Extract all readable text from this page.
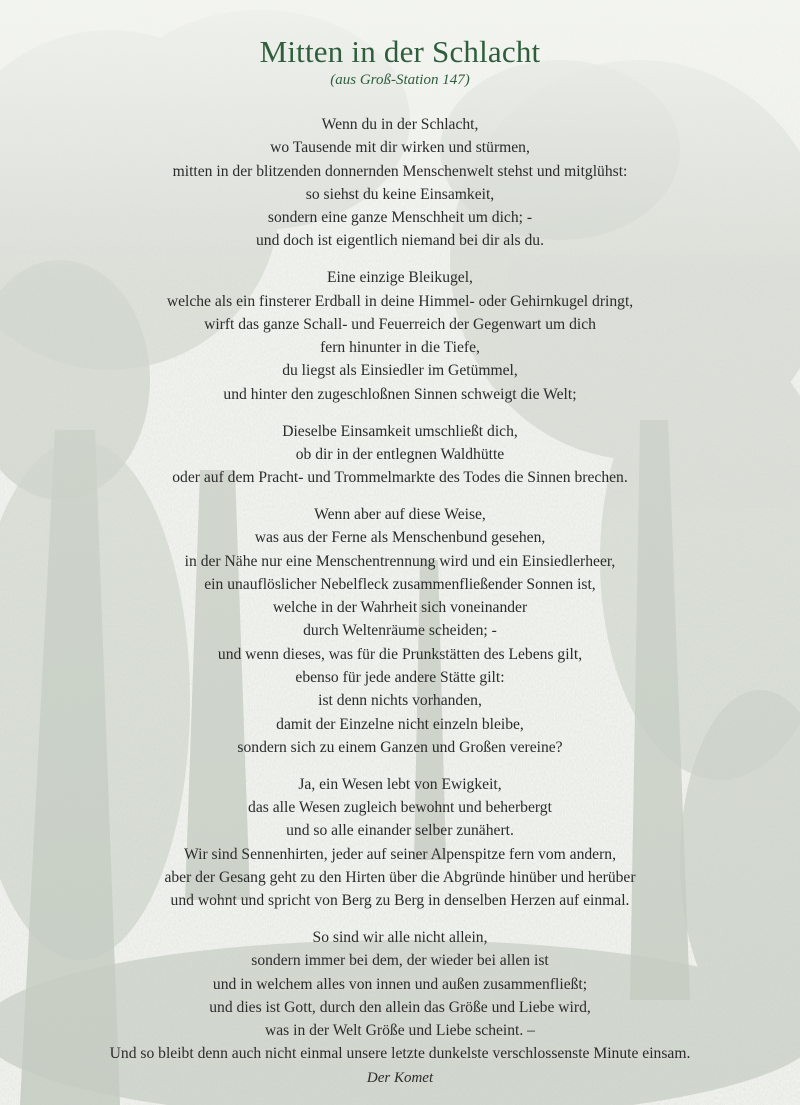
Mitten in der Schlacht

(aus Groß-Station 147)

Wenn du in der Schlacht,
wo Tausende mit dir wirken und stürmen,
mitten in der blitzenden donnernden Menschenwelt stehst und mitglühst:
so siehst du keine Einsamkeit,
sondern eine ganze Menschheit um dich; -
und doch ist eigentlich niemand bei dir als du.

Eine einzige Bleikugel,
welche als ein finsterer Erdball in deine Himmel- oder Gehirnkugel dringt,
wirft das ganze Schall- und Feuerreich der Gegenwart um dich
fern hinunter in die Tiefe,
du liegst als Einsiedler im Getümmel,
und hinter den zugeschloßnen Sinnen schweigt die Welt;

Dieselbe Einsamkeit umschließt dich,
ob dir in der entlegnen Waldhütte
oder auf dem Pracht- und Trommelmarkte des Todes die Sinnen brechen.

Wenn aber auf diese Weise,
was aus der Ferne als Menschenbund gesehen,
in der Nähe nur eine Menschentrennung wird und ein Einsiedlerheer,
ein unauflöslicher Nebelfleck zusammenfließender Sonnen ist,
welche in der Wahrheit sich voneinander
durch Weltenräume scheiden; -
und wenn dieses, was für die Prunkstätten des Lebens gilt,
ebenso für jede andere Stätte gilt:
ist denn nichts vorhanden,
damit der Einzelne nicht einzeln bleibe,
sondern sich zu einem Ganzen und Großen vereine?

Ja, ein Wesen lebt von Ewigkeit,
das alle Wesen zugleich bewohnt und beherbergt
und so alle einander selber zunähert.
Wir sind Sennenhirten, jeder auf seiner Alpenspitze fern vom andern,
aber der Gesang geht zu den Hirten über die Abgründe hinüber und herüber
und wohnt und spricht von Berg zu Berg in denselben Herzen auf einmal.

So sind wir alle nicht allein,
sondern immer bei dem, der wieder bei allen ist
und in welchem alles von innen und außen zusammenfließt;
und dies ist Gott, durch den allein das Größe und Liebe wird,
was in der Welt Größe und Liebe scheint. –
Und so bleibt denn auch nicht einmal unsere letzte dunkelste verschlossenste Minute einsam.

Der Komet
